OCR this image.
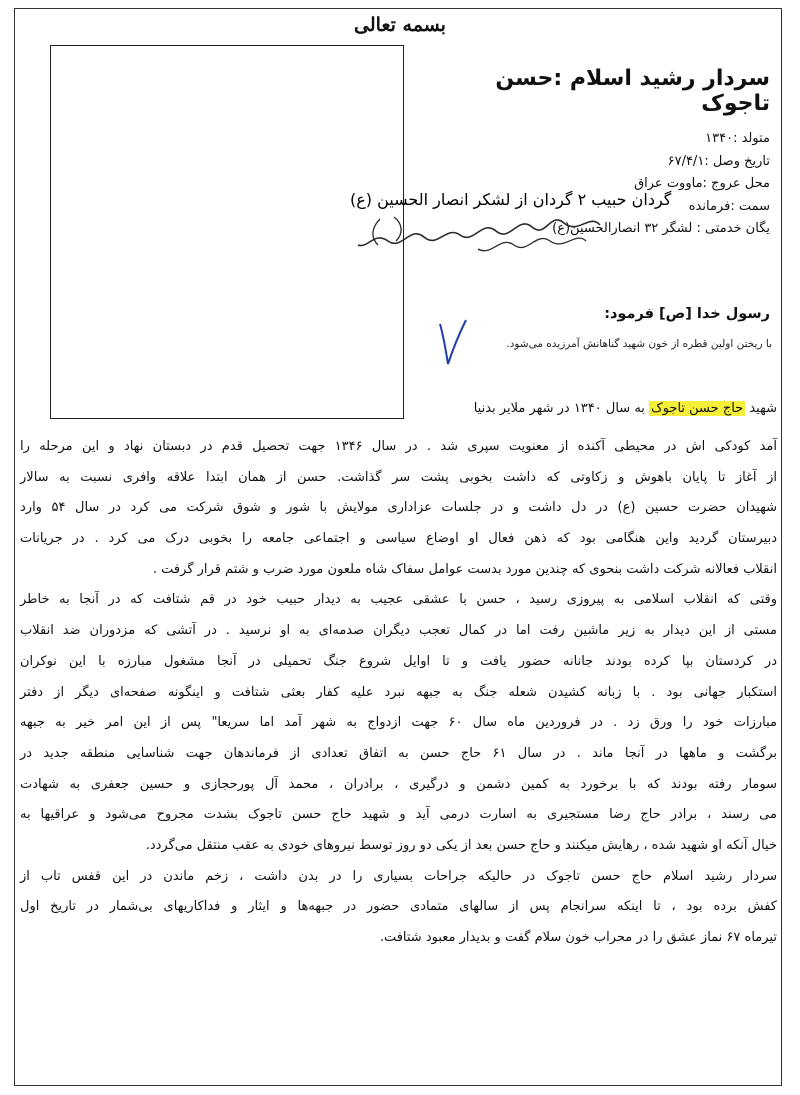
بسمه تعالی
سردار رشید اسلام :حسن تاجوک
متولد :۱۳۴۰
تاریخ وصل :۶۷/۴/۱
محل عروج :ماووت عراق
سمت :فرمانده
یگان خدمتی : لشگر ۳۲ انصارالحسین(ع)
گردان حبیب ۲ گردان از لشکر انصار الحسین (ع)
رسول خدا [ص] فرمود:
با ریختن اولین قطره از خون شهید گناهانش آمرزیده می‌شود.
شهید حاج حسن تاجوک به سال ۱۳۴۰ در شهر ملایر بدنیا
آمد کودکی اش در محیطی آکنده از معنویت سپری شد . در سال ۱۳۴۶ جهت تحصیل قدم در دبستان نهاد و این مرحله را
از آغاز تا پایان باهوش و زکاوتی که داشت بخوبی پشت سر گذاشت. حسن از همان ابتدا علاقه وافری نسبت به سالار
شهیدان حضرت حسین (ع) در دل داشت و در جلسات عزاداری مولایش با شور و شوق شرکت می کرد در سال ۵۴ وارد
دبیرستان گردید واین هنگامی بود که ذهن فعال او اوضاع سیاسی و اجتماعی جامعه را بخوبی درک می کرد . در جریانات
انقلاب فعالانه شرکت داشت بنحوی که چندین مورد بدست عوامل سفاک شاه ملعون مورد ضرب و شتم قرار گرفت .
وقتی که انقلاب اسلامی به پیروزی رسید ، حسن با عشقی عجیب به دیدار حبیب خود در قم شتافت که در آنجا به خاطر
مستی از این دیدار به زیر ماشین رفت اما در کمال تعجب دیگران صدمه‌ای به او نرسید . در آتشی که مزدوران ضد انقلاب
در کردستان بپا کرده بودند جانانه حضور یافت و تا اوایل شروع جنگ تحمیلی در آنجا مشغول مبارزه با این نوکران
استکبار جهانی بود . با زبانه کشیدن شعله جنگ به جبهه نبرد علیه کفار بعثی شتافت و اینگونه صفحه‌ای دیگر از دفتر
مبارزات خود را ورق زد . در فروردین ماه سال ۶۰ جهت ازدواج به شهر آمد اما سریعا" پس از این امر خیر به جبهه
برگشت و ماهها در آنجا ماند . در سال ۶۱ حاج حسن به اتفاق تعدادی از فرماندهان جهت شناسایی منطقه جدید در
سومار رفته بودند که با برخورد به کمین دشمن و درگیری ، برادران ، محمد آل پورحجازی و حسین جعفری به شهادت
می رسند ، برادر حاج رضا مستجیری به اسارت درمی آید و شهید حاج حسن تاجوک بشدت مجروح می‌شود و عراقیها به
خیال آنکه او شهید شده ، رهایش میکنند و حاج حسن بعد از یکی دو روز توسط نیروهای خودی به عقب منتقل می‌گردد.
سردار رشید اسلام حاج حسن تاجوک در حالیکه جراحات بسیاری را در بدن داشت ، زخم ماندن در این قفس تاب از
کفش برده بود ، تا اینکه سرانجام پس از سالهای متمادی حضور در جبهه‌ها و ایثار و فداکاریهای بی‌شمار در تاریخ اول
تیرماه ۶۷ نماز عشق را در محراب خون سلام گفت و بدیدار معبود شتافت.
